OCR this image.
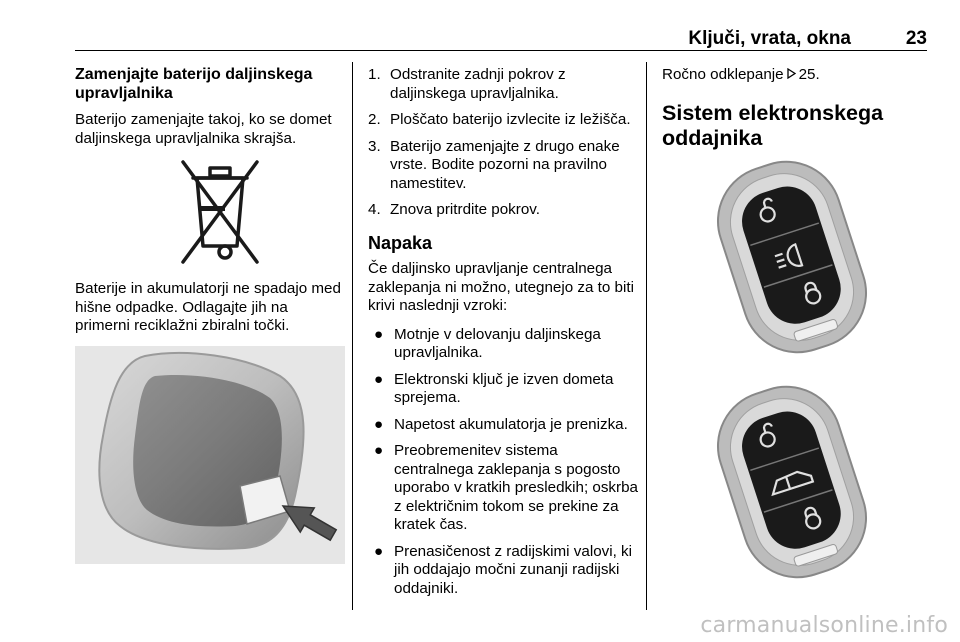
Ključi, vrata, okna	23
Zamenjajte baterijo daljinskega upravljalnika
Baterijo zamenjajte takoj, ko se domet daljinskega upravljalnika skrajša.
Baterije in akumulatorji ne spadajo med hišne odpadke. Odlagajte jih na primerni reciklažni zbiralni točki.
1. Odstranite zadnji pokrov z daljinskega upravljalnika.
2. Ploščato baterijo izvlecite iz ležišča.
3. Baterijo zamenjajte z drugo enake vrste. Bodite pozorni na pravilno namestitev.
4. Znova pritrdite pokrov.
Napaka
Če daljinsko upravljanje centralnega zaklepanja ni možno, utegnejo za to biti krivi naslednji vzroki:
● Motnje v delovanju daljinskega upravljalnika.
● Elektronski ključ je izven dometa sprejema.
● Napetost akumulatorja je prenizka.
● Preobremenitev sistema centralnega zaklepanja s pogosto uporabo v kratkih presledkih; oskrba z električnim tokom se prekine za kratek čas.
● Prenasičenost z radijskimi valovi, ki jih oddajajo močni zunanji radijski oddajniki.
Ročno odklepanje 25.
Sistem elektronskega oddajnika
carmanualsonline.info
